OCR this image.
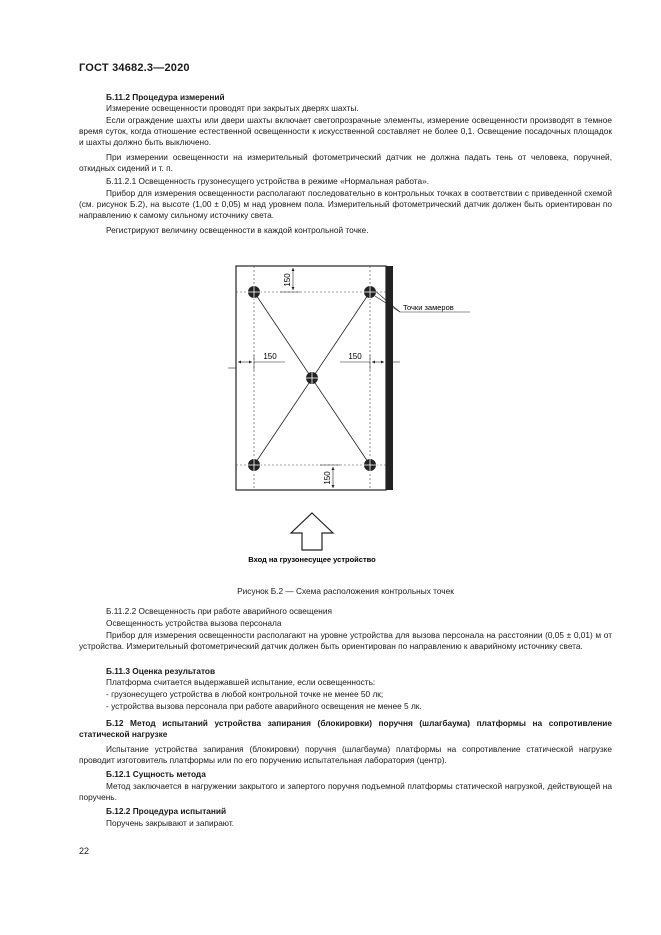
ГОСТ 34682.3—2020
Б.11.2 Процедура измерений
Измерение освещенности проводят при закрытых дверях шахты.
Если ограждение шахты или двери шахты включает светопрозрачные элементы, измерение освещенности производят в темное время суток, когда отношение естественной освещенности к искусственной составляет не более 0,1. Освещение посадочных площадок и шахты должно быть выключено.
При измерении освещенности на измерительный фотометрический датчик не должна падать тень от человека, поручней, откидных сидений и т. п.
Б.11.2.1 Освещенность грузонесущего устройства в режиме «Нормальная работа».
Прибор для измерения освещенности располагают последовательно в контрольных точках в соответствии с приведенной схемой (см. рисунок Б.2), на высоте (1,00 ± 0,05) м над уровнем пола. Измерительный фотометрический датчик должен быть ориентирован по направлению к самому сильному источнику света.
Регистрируют величину освещенности в каждой контрольной точке.
150
150	150
150
Точки замеров
Вход на грузонесущее устройство
Рисунок Б.2 — Схема расположения контрольных точек
Б.11.2.2 Освещенность при работе аварийного освещения
Освещенность устройства вызова персонала
Прибор для измерения освещенности располагают на уровне устройства для вызова персонала на расстоянии (0,05 ± 0,01) м от устройства. Измерительный фотометрический датчик должен быть ориентирован по направлению к аварийному источнику света.
Б.11.3 Оценка результатов
Платформа считается выдержавшей испытание, если освещенность:
- грузонесущего устройства в любой контрольной точке не менее 50 лк;
- устройства вызова персонала при работе аварийного освещения не менее 5 лк.
Б.12 Метод испытаний устройства запирания (блокировки) поручня (шлагбаума) платформы на сопротивление статической нагрузке
Испытание устройства запирания (блокировки) поручня (шлагбаума) платформы на сопротивление статической нагрузке проводит изготовитель платформы или по его поручению испытательная лаборатория (центр).
Б.12.1 Сущность метода
Метод заключается в нагружении закрытого и запертого поручня подъемной платформы статической нагрузкой, действующей на поручень.
Б.12.2 Процедура испытаний
Поручень закрывают и запирают.
22
